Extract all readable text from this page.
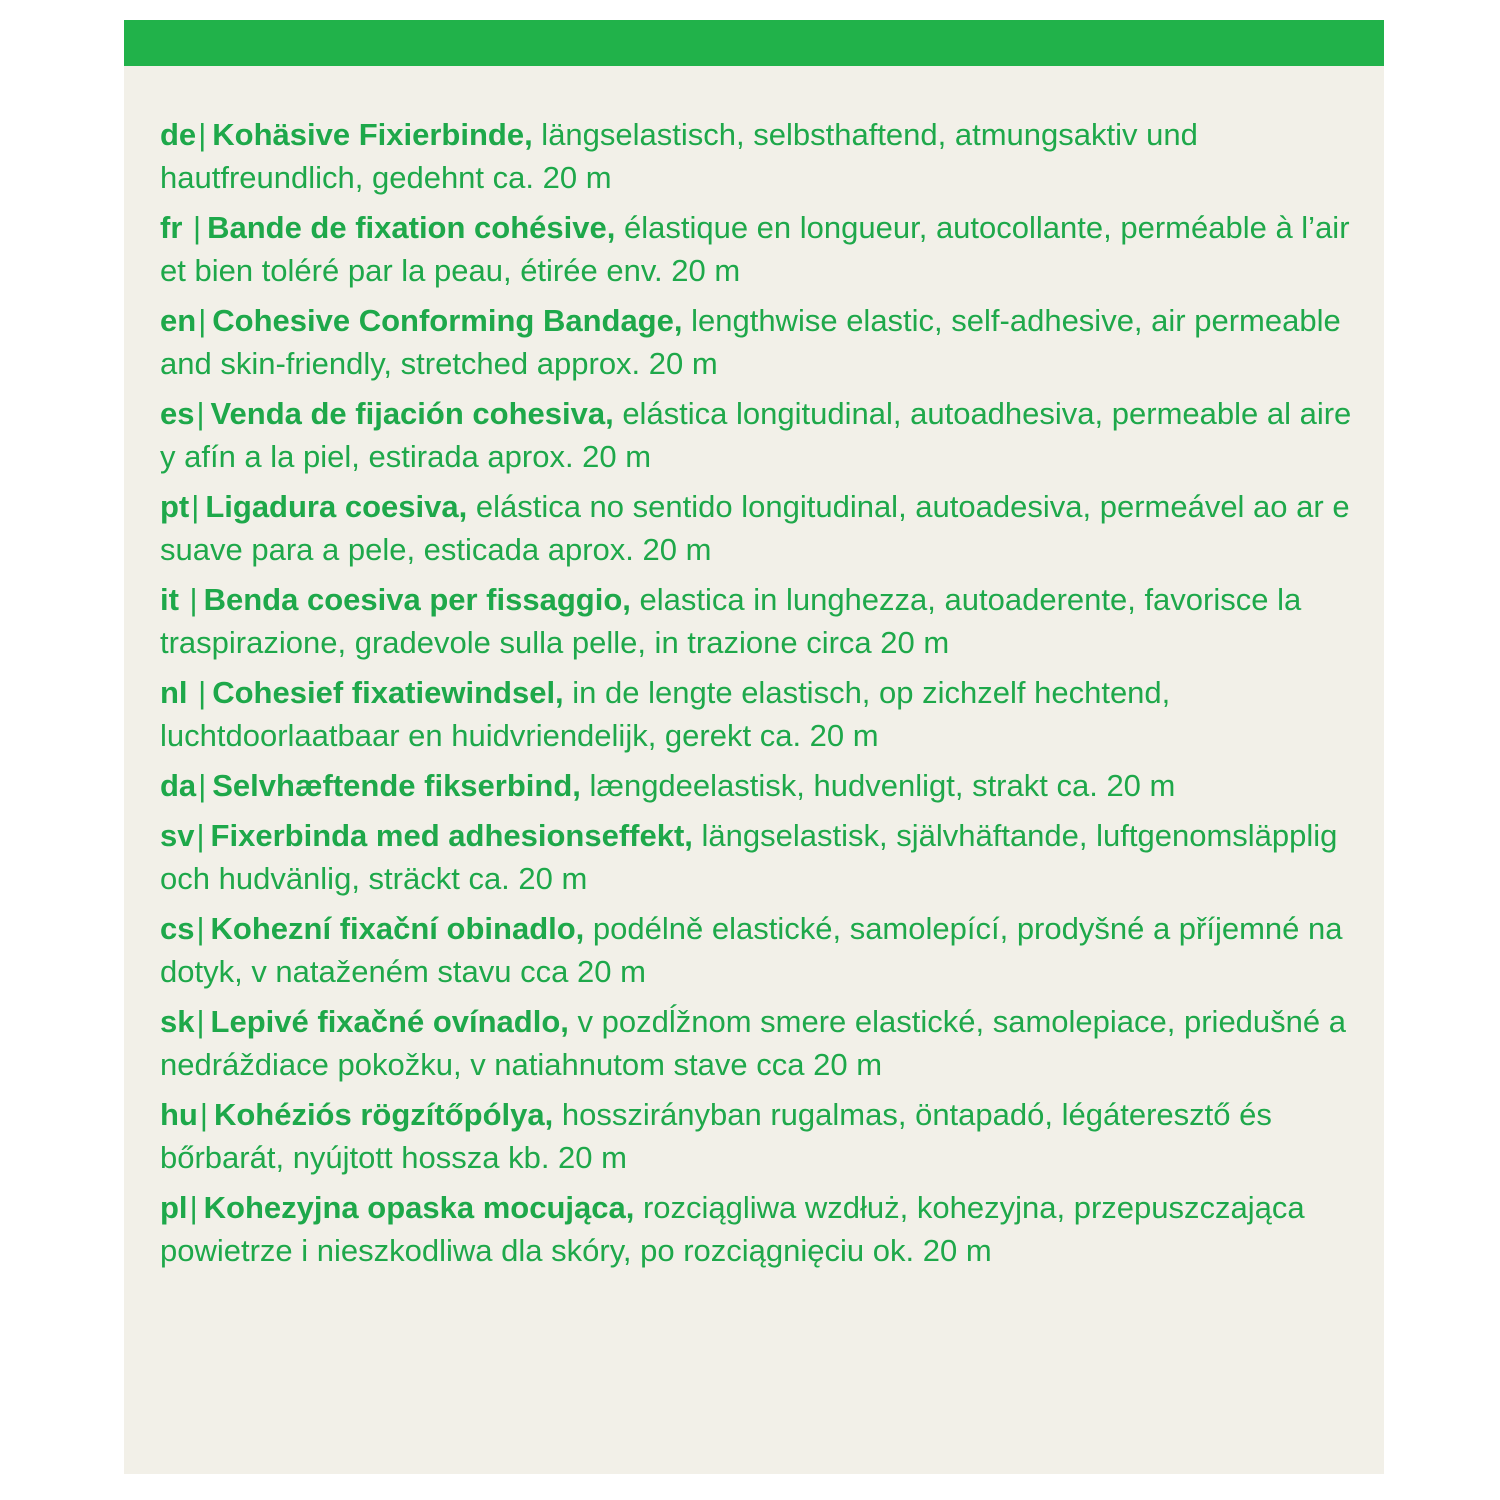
de| Kohäsive Fixierbinde, längselastisch, selbsthaftend, atmungsaktiv und hautfreundlich, gedehnt ca. 20 m
fr | Bande de fixation cohésive, élastique en longueur, autocollante, perméable à l’air et bien toléré par la peau, étirée env. 20 m
en| Cohesive Conforming Bandage, lengthwise elastic, self-adhesive, air permeable and skin-friendly, stretched approx. 20 m
es| Venda de fijación cohesiva, elástica longitudinal, autoadhesiva, permeable al aire y afín a la piel, estirada aprox. 20 m
pt| Ligadura coesiva, elástica no sentido longitudinal, autoadesiva, permeável ao ar e suave para a pele, esticada aprox. 20 m
it | Benda coesiva per fissaggio, elastica in lunghezza, autoaderente, favorisce la traspirazione, gradevole sulla pelle, in trazione circa 20 m
nl | Cohesief fixatiewindsel, in de lengte elastisch, op zichzelf hechtend, luchtdoorlaatbaar en huidvriendelijk, gerekt ca. 20 m
da| Selvhæftende fikserbind, længdeelastisk, hudvenligt, strakt ca. 20 m
sv| Fixerbinda med adhesionseffekt, längselastisk, självhäftande, luftgenomsläpplig och hudvänlig, sträckt ca. 20 m
cs| Kohezní fixační obinadlo, podélně elastické, samolepící, prodyšné a příjemné na dotyk, v nataženém stavu cca 20 m
sk| Lepivé fixačné ovínadlo, v pozdĺžnom smere elastické, samolepiace, priedušné a nedráždiace pokožku, v natiahnutom stave cca 20 m
hu| Kohéziós rögzítőpólya, hosszirányban rugalmas, öntapadó, légáteresztő és bőrbarát, nyújtott hossza kb. 20 m
pl| Kohezyjna opaska mocująca, rozciągliwa wzdłuż, kohezyjna, przepuszczająca powietrze i nieszkodliwa dla skóry, po rozciągnięciu ok. 20 m
